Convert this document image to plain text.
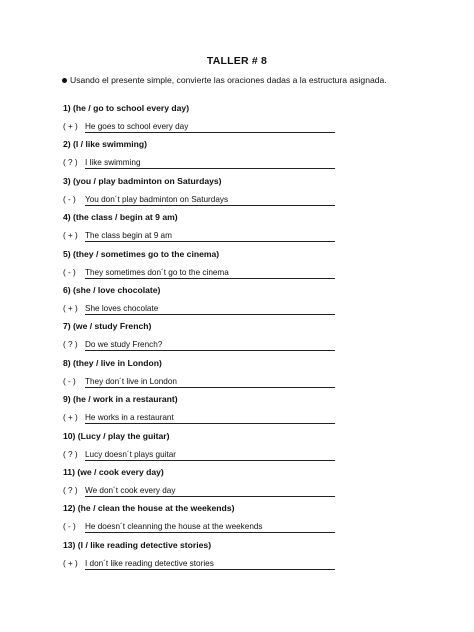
TALLER # 8
Usando el presente simple, convierte las oraciones dadas a la estructura asignada.
1) (he / go to school every day)
( + ) He goes to school every day
2) (I / like swimming)
( ? ) I like swimming
3) (you / play badminton on Saturdays)
( - ) You don´t play badminton on Saturdays
4) (the class / begin at 9 am)
( + ) The class begin at 9 am
5) (they / sometimes go to the cinema)
( - ) They sometimes don´t go to the cinema
6) (she / love chocolate)
( + ) She loves chocolate
7) (we / study French)
( ? ) Do we study French?
8) (they / live in London)
( - ) They don´t live in London
9) (he / work in a restaurant)
( + ) He works in a restaurant
10) (Lucy / play the guitar)
( ? ) Lucy doesn´t plays guitar
11) (we / cook every day)
( ? ) We don´t cook every day
12) (he / clean the house at the weekends)
( - ) He doesn´t cleanning the house at the weekends
13) (I / like reading detective stories)
( + ) I don´t like reading detective stories
